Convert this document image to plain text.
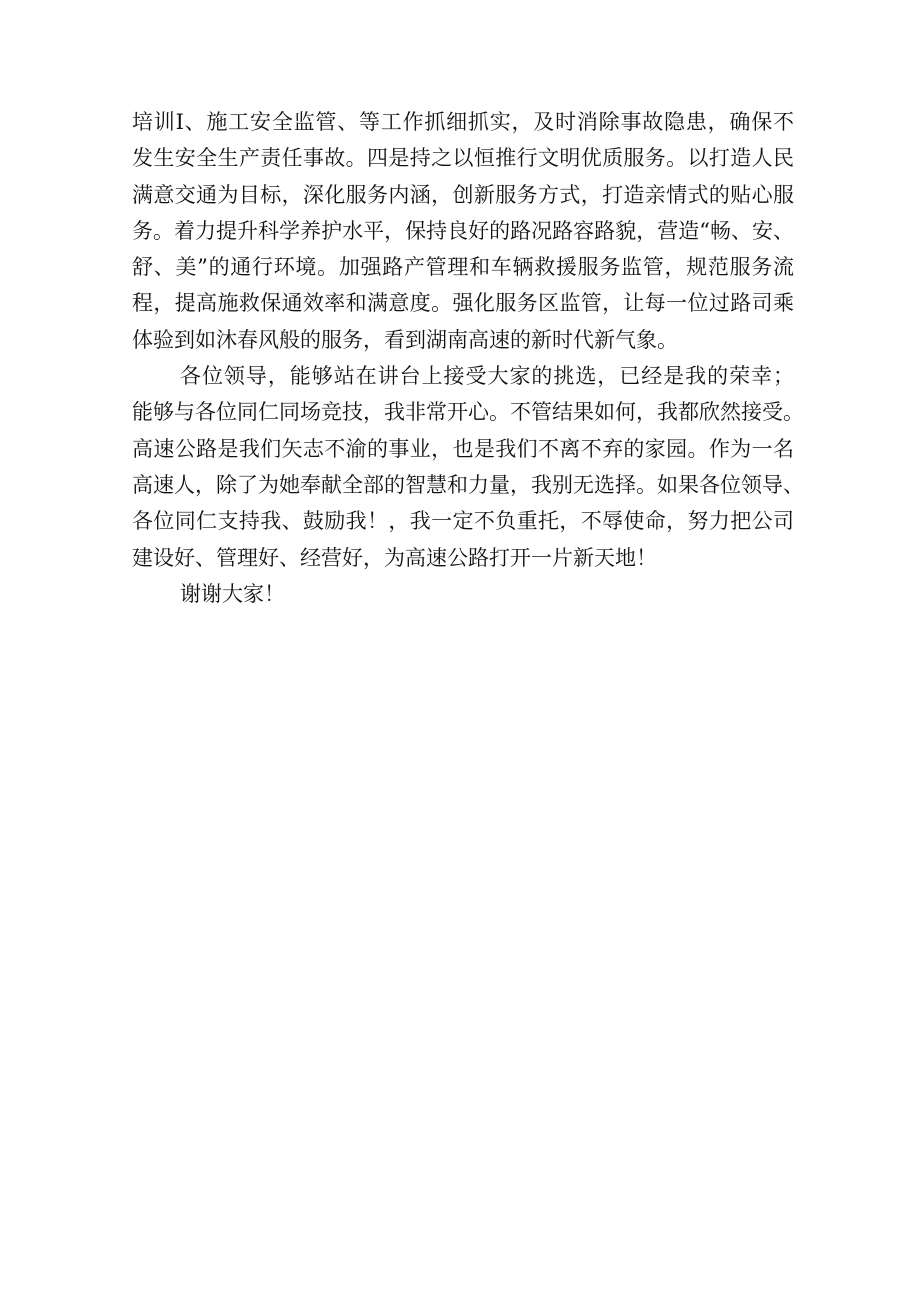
培训Ⅰ、施工安全监管、等工作抓细抓实，及时消除事故隐患，确保不
发生安全生产责任事故。四是持之以恒推行文明优质服务。以打造人民
满意交通为目标，深化服务内涵，创新服务方式，打造亲情式的贴心服
务。着力提升科学养护水平，保持良好的路况路容路貌，营造“畅、安、
舒、美”的通行环境。加强路产管理和车辆救援服务监管，规范服务流
程，提高施救保通效率和满意度。强化服务区监管，让每一位过路司乘
体验到如沐春风般的服务，看到湖南高速的新时代新气象。
各位领导，能够站在讲台上接受大家的挑选，已经是我的荣幸；
能够与各位同仁同场竞技，我非常开心。不管结果如何，我都欣然接受。
高速公路是我们矢志不渝的事业，也是我们不离不弃的家园。作为一名
高速人，除了为她奉献全部的智慧和力量，我别无选择。如果各位领导、
各位同仁支持我、鼓励我！，我一定不负重托，不辱使命，努力把公司
建设好、管理好、经营好，为高速公路打开一片新天地！
谢谢大家！
